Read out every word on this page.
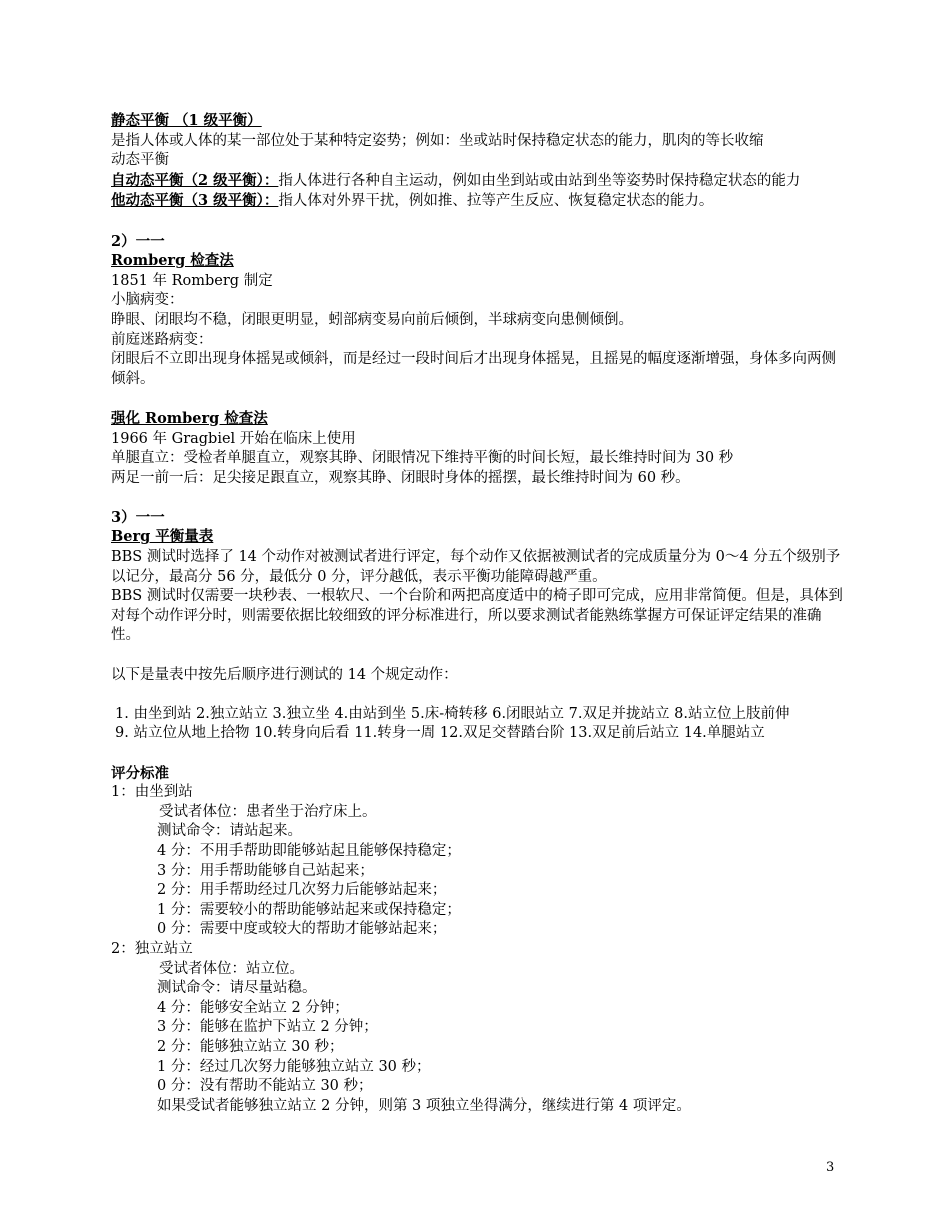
静态平衡 （1 级平衡）
是指人体或人体的某一部位处于某种特定姿势；例如：坐或站时保持稳定状态的能力，肌肉的等长收缩
动态平衡
自动态平衡（2 级平衡）：指人体进行各种自主运动，例如由坐到站或由站到坐等姿势时保持稳定状态的能力
他动态平衡（3 级平衡）：指人体对外界干扰，例如推、拉等产生反应、恢复稳定状态的能力。
2）一一
Romberg 检查法
1851 年 Romberg 制定
小脑病变：
睁眼、闭眼均不稳，闭眼更明显，蚓部病变易向前后倾倒，半球病变向患侧倾倒。
前庭迷路病变：
闭眼后不立即出现身体摇晃或倾斜，而是经过一段时间后才出现身体摇晃，且摇晃的幅度逐渐增强，身体多向两侧倾斜。
强化 Romberg 检查法
1966 年 Gragbiel 开始在临床上使用
单腿直立：受检者单腿直立，观察其睁、闭眼情况下维持平衡的时间长短，最长维持时间为 30 秒
两足一前一后：足尖接足跟直立，观察其睁、闭眼时身体的摇摆，最长维持时间为 60 秒。
3）一一
Berg 平衡量表
BBS 测试时选择了 14 个动作对被测试者进行评定，每个动作又依据被测试者的完成质量分为 0～4 分五个级别予以记分，最高分 56 分，最低分 0 分，评分越低，表示平衡功能障碍越严重。
BBS 测试时仅需要一块秒表、一根软尺、一个台阶和两把高度适中的椅子即可完成，应用非常简便。但是，具体到对每个动作评分时，则需要依据比较细致的评分标准进行，所以要求测试者能熟练掌握方可保证评定结果的准确性。
以下是量表中按先后顺序进行测试的 14 个规定动作：
1. 由坐到站 2.独立站立 3.独立坐 4.由站到坐 5.床-椅转移 6.闭眼站立 7.双足并拢站立 8.站立位上肢前伸
9. 站立位从地上拾物 10.转身向后看 11.转身一周 12.双足交替踏台阶 13.双足前后站立 14.单腿站立
评分标准
1：由坐到站
受试者体位：患者坐于治疗床上。
测试命令：请站起来。
4 分：不用手帮助即能够站起且能够保持稳定；
3 分：用手帮助能够自己站起来；
2 分：用手帮助经过几次努力后能够站起来；
1 分：需要较小的帮助能够站起来或保持稳定；
0 分：需要中度或较大的帮助才能够站起来；
2：独立站立
受试者体位：站立位。
测试命令：请尽量站稳。
4 分：能够安全站立 2 分钟；
3 分：能够在监护下站立 2 分钟；
2 分：能够独立站立 30 秒；
1 分：经过几次努力能够独立站立 30 秒；
0 分：没有帮助不能站立 30 秒；
如果受试者能够独立站立 2 分钟，则第 3 项独立坐得满分，继续进行第 4 项评定。
3
